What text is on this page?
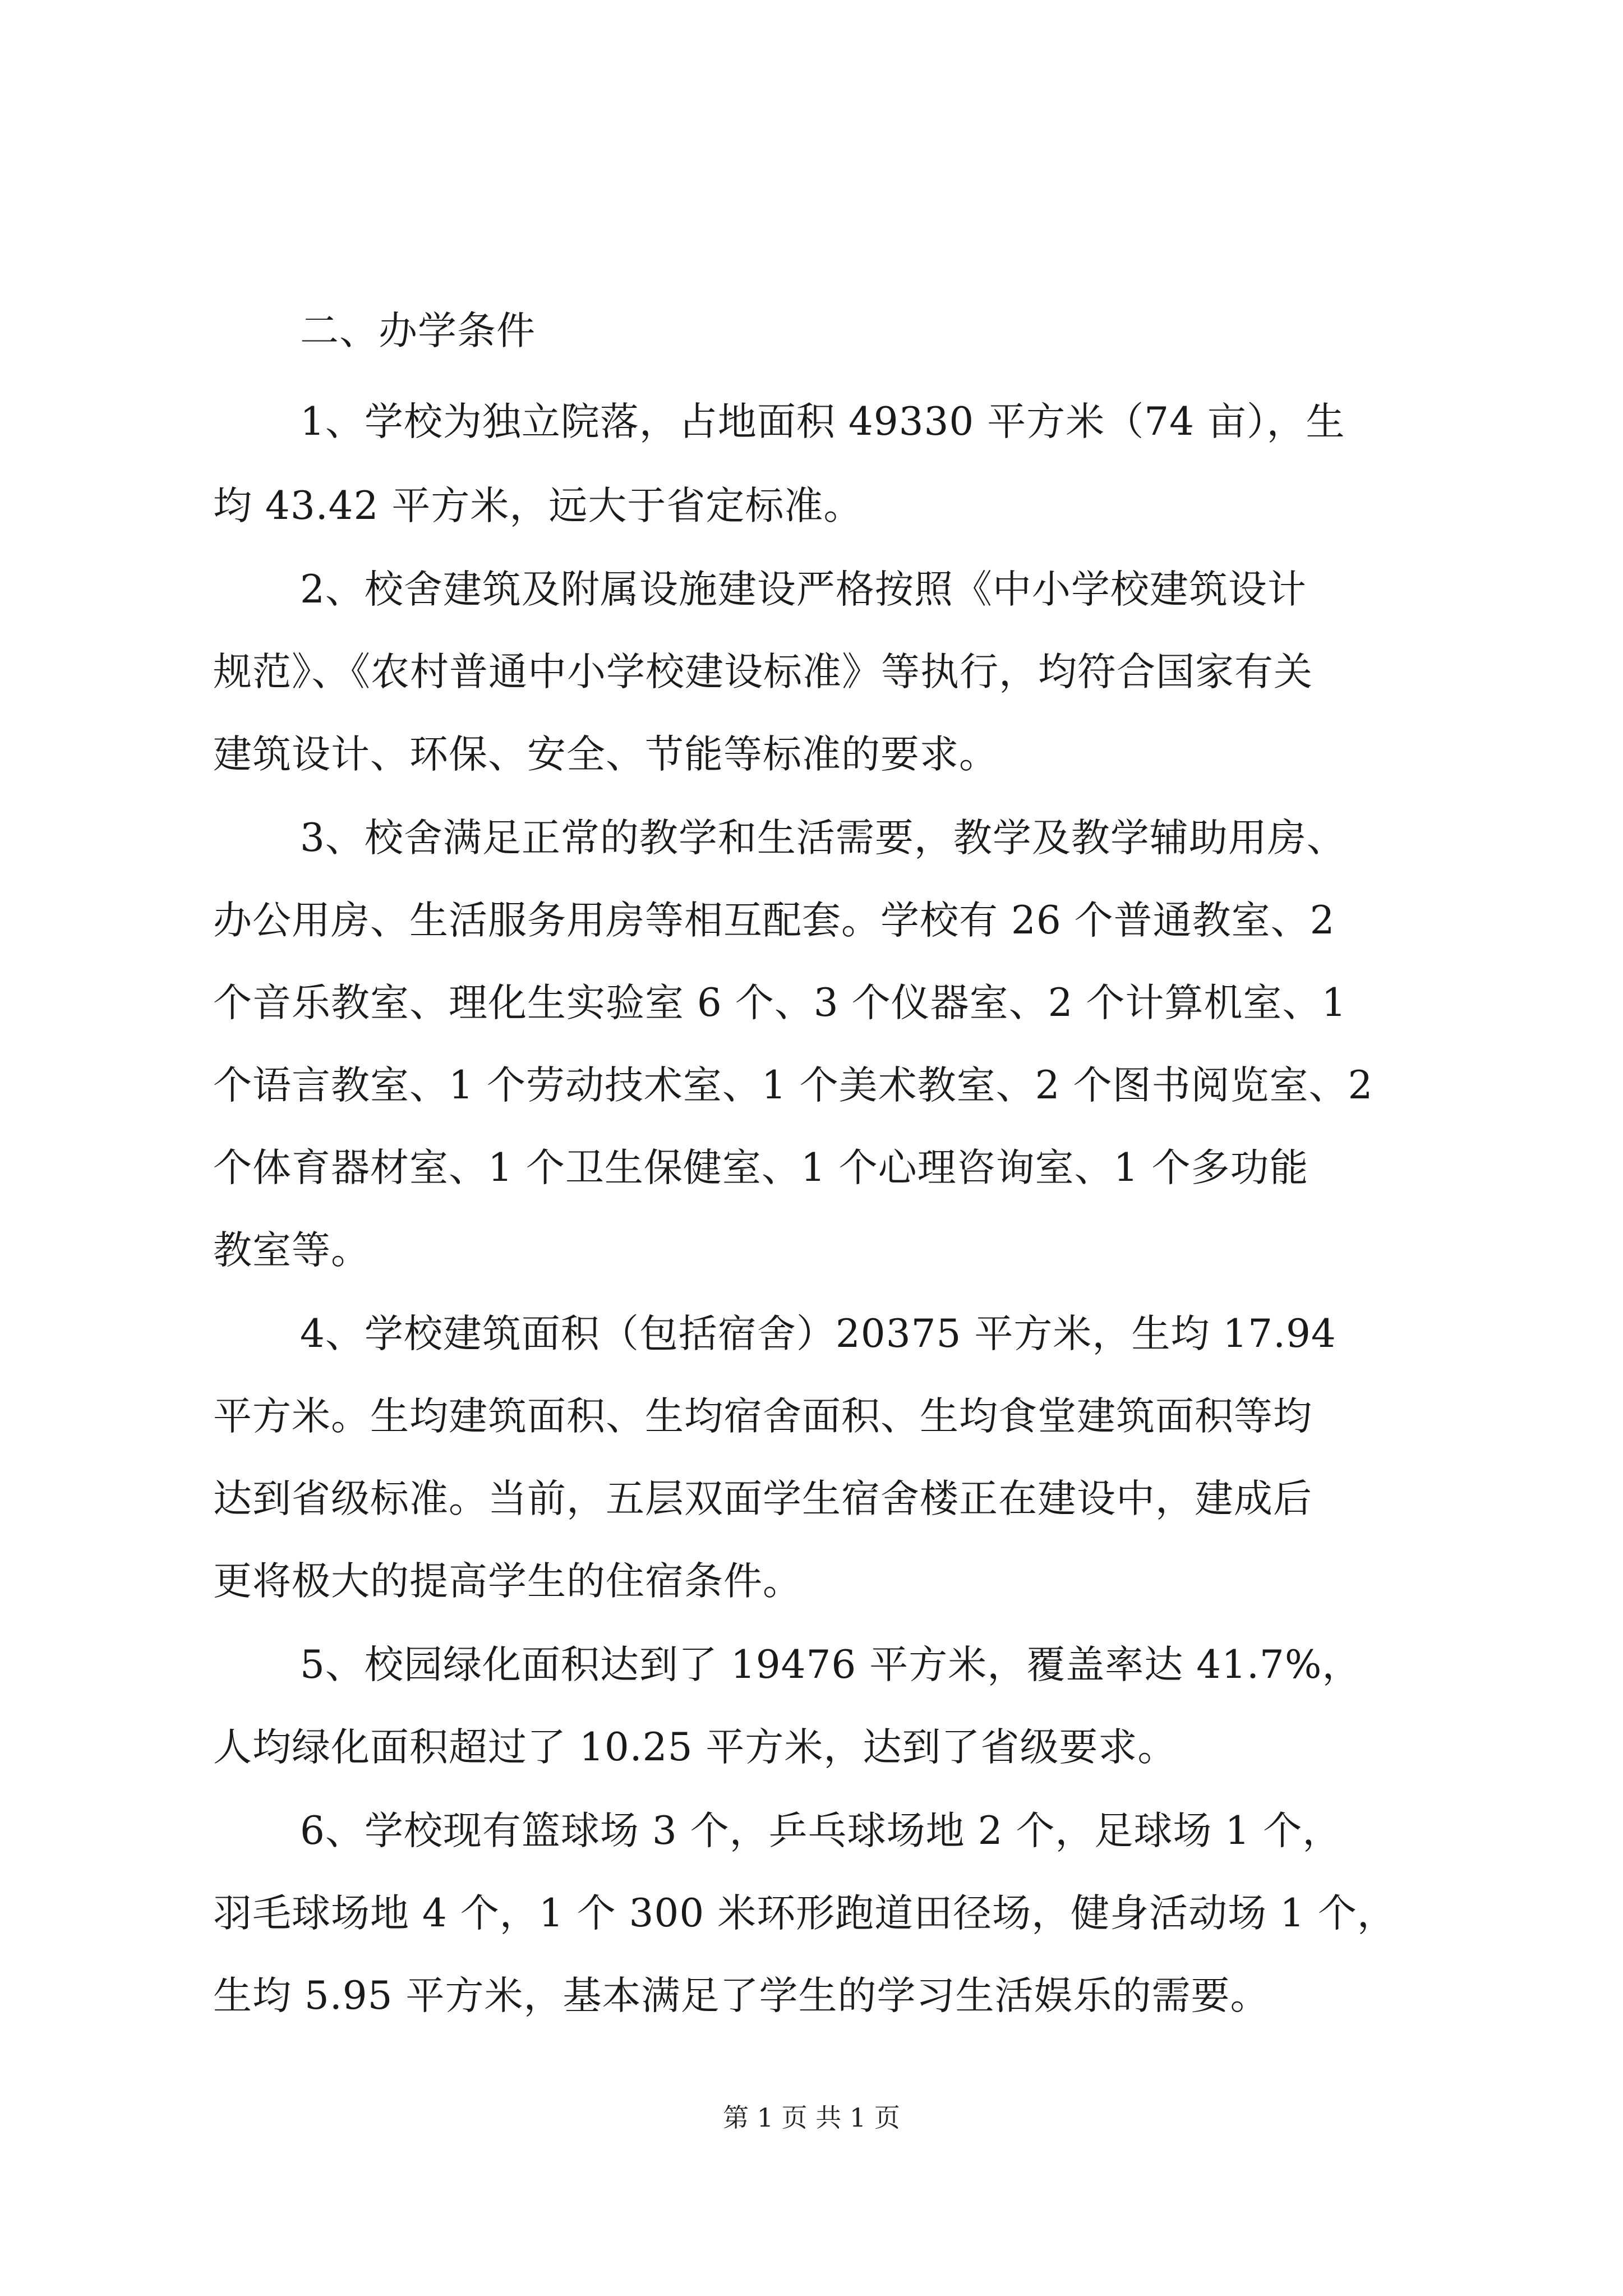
二、办学条件
1、学校为独立院落，占地面积 49330 平方米（74 亩），生
均 43.42 平方米，远大于省定标准。
2、校舍建筑及附属设施建设严格按照《中小学校建筑设计
规范》、《农村普通中小学校建设标准》等执行，均符合国家有关
建筑设计、环保、安全、节能等标准的要求。
3、校舍满足正常的教学和生活需要，教学及教学辅助用房、
办公用房、生活服务用房等相互配套。学校有 26 个普通教室、2
个音乐教室、理化生实验室 6 个、3 个仪器室、2 个计算机室、1
个语言教室、1 个劳动技术室、1 个美术教室、2 个图书阅览室、2
个体育器材室、1 个卫生保健室、1 个心理咨询室、1 个多功能
教室等。
4、学校建筑面积（包括宿舍）20375 平方米，生均 17.94
平方米。生均建筑面积、生均宿舍面积、生均食堂建筑面积等均
达到省级标准。当前，五层双面学生宿舍楼正在建设中，建成后
更将极大的提高学生的住宿条件。
5、校园绿化面积达到了 19476 平方米，覆盖率达 41.7%，
人均绿化面积超过了 10.25 平方米，达到了省级要求。
6、学校现有篮球场 3 个，乒乓球场地 2 个，足球场 1 个，
羽毛球场地 4 个，1 个 300 米环形跑道田径场，健身活动场 1 个，
生均 5.95 平方米，基本满足了学生的学习生活娱乐的需要。
第 1 页 共 1 页
